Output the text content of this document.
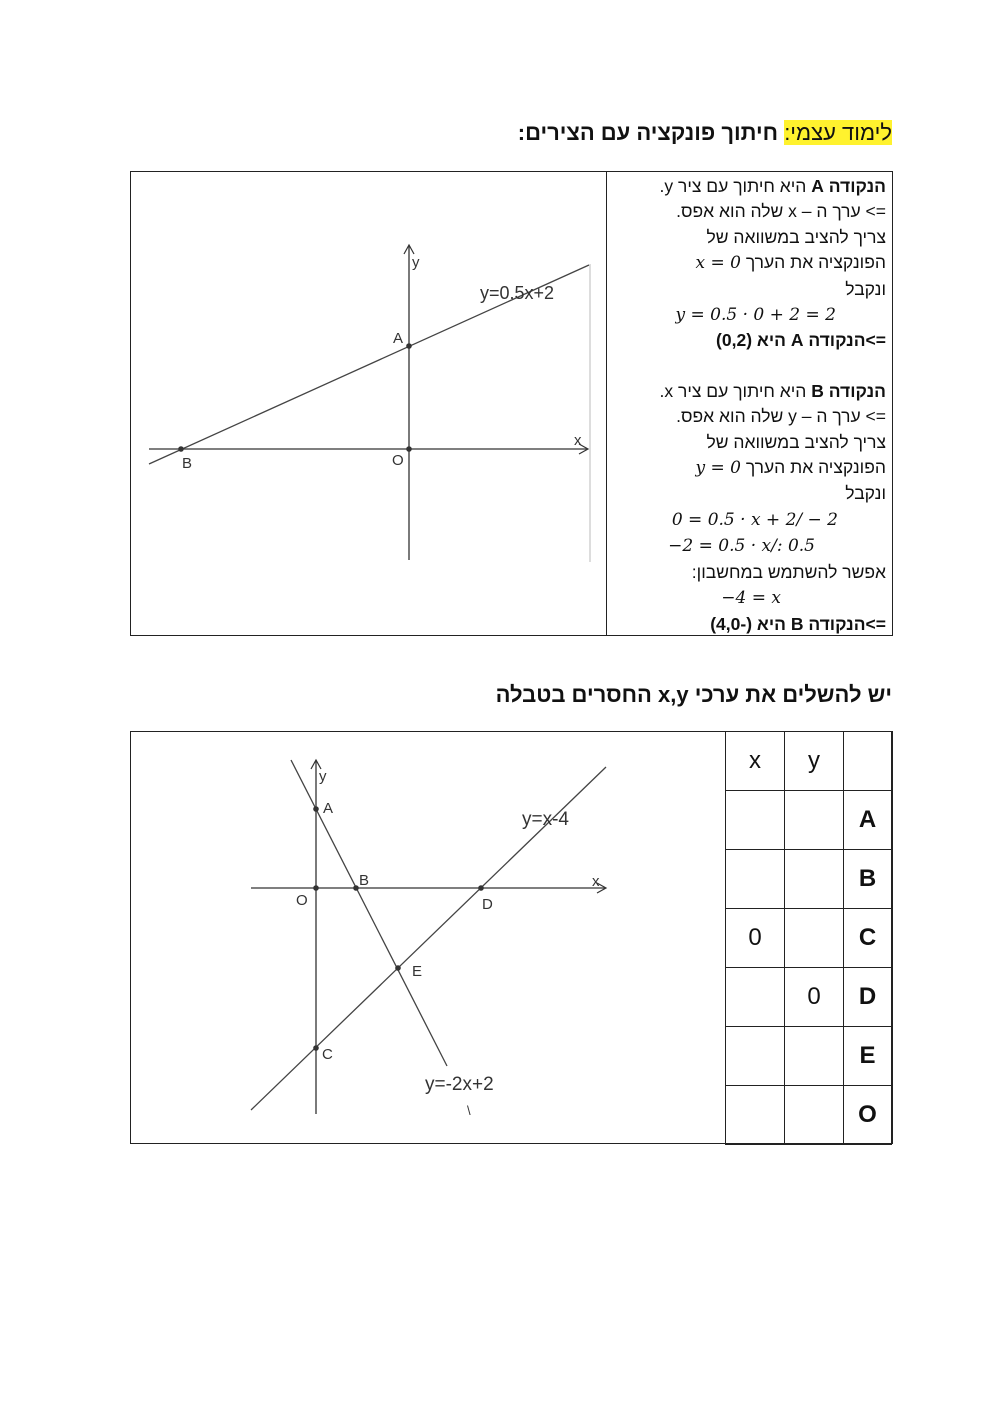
לימוד עצמי: חיתוך פונקציה עם הצירים:
y
x
A
B	O
y=0.5x+2
הנקודה A היא חיתוך עם ציר y.
=> ערך ה – x שלה הוא אפס.
צריך להציב במשוואה של
הפונקציה את הערך x = 0
ונקבל
y = 0.5 · 0 + 2 = 2
=>הנקודה A היא (0,2)
הנקודה B היא חיתוך עם ציר x.
=> ערך ה – y שלה הוא אפס.
צריך להציב במשוואה של
הפונקציה את הערך y = 0
ונקבל
0 = 0.5 · x + 2/ − 2
−2 = 0.5 · x/: 0.5
אפשר להשתמש במחשבון:
−4 = x
=>הנקודה B היא (-4,0)
יש להשלים את ערכי x,y החסרים בטבלה
y
x
A
B
C
D
E
O
y=x-4
y=-2x+2
\
x	y	
		A
		B
0		C
	0	D
		E
		O
